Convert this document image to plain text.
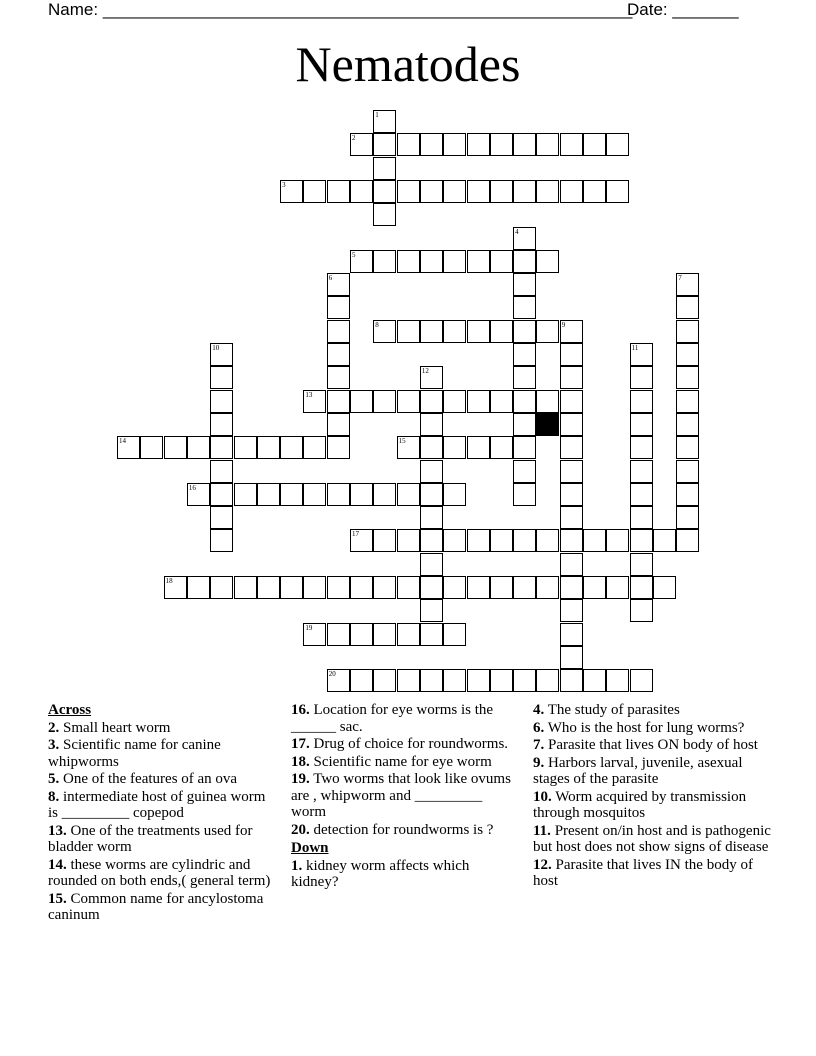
Name: ________________________________________________________
Date: _______
Nematodes
1
2
3
4
5
6	7
8	9
10	11
12
13
14	15
16
17
18
19
20
Across
2. Small heart worm
3. Scientific name for canine whipworms
5. One of the features of an ova
8. intermediate host of guinea worm is _________ copepod
13. One of the treatments used for bladder worm
14. these worms are cylindric and rounded on both ends,( general term)
15. Common name for ancylostoma caninum
16. Location for eye worms is the ______ sac.
17. Drug of choice for roundworms.
18. Scientific name for eye worm
19. Two worms that look like ovums are , whipworm and _________ worm
20. detection for roundworms is ?
Down
1. kidney worm affects which kidney?
4. The study of parasites
6. Who is the host for lung worms?
7. Parasite that lives ON body of host
9. Harbors larval, juvenile, asexual stages of the parasite
10. Worm acquired by transmission through mosquitos
11. Present on/in host and is pathogenic but host does not show signs of disease
12. Parasite that lives IN the body of host
